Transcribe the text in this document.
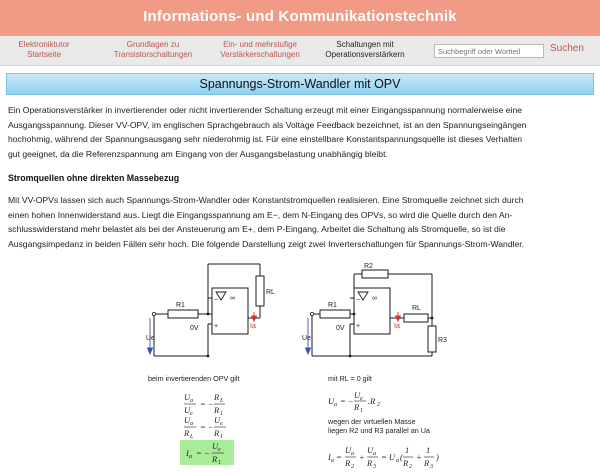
Informations- und Kommunikationstechnik
Elektroniktutor
Startseite
Grundlagen zu
Transistorschaltungen
Ein- und mehrstufige
Verstärkerschaltungen
Schaltungen mit
Operationsverstärkern
Suchbegriff oder Wortteil
Suchen
Spannungs-Strom-Wandler mit OPV
Ein Operationsverstärker in invertierender oder nicht invertierender Schaltung erzeugt mit einer Eingangsspannung normalerweise eine
Ausgangsspannung. Dieser VV-OPV, im englischen Sprachgebrauch als Voltage Feedback bezeichnet, ist an den Spannungseingängen
hochohmig, während der Spannungsausgang sehr niederohmig ist. Für eine einstellbare Konstantspannungsquelle ist dieses Verhalten
gut geeignet, da die Referenzspannung am Eingang von der Ausgangsbelastung unabhängig bleibt.
Stromquellen ohne direkten Massebezug
Mit VV-OPVs lassen sich auch Spannungs-Strom-Wandler oder Konstantstromquellen realisieren. Eine Stromquelle zeichnet sich durch
einen hohen Innenwiderstand aus. Liegt die Eingangsspannung am E−, dem N-Eingang des OPVs, so wird die Quelle durch den An-
schlusswiderstand mehr belastet als bei der Ansteuerung am E+, dem P-Eingang. Arbeitet die Schaltung als Stromquelle, so ist die
Ausgangsimpedanz in beiden Fällen sehr hoch. Die folgende Darstellung zeigt zwei Inverterschaltungen für Spannungs-Strom-Wandler.
∞	∞
−
+
−
+
R1
RL
Ue
0V	Ia
R1
R2
RL
R3
Ue
0V	Ia
beim invertierenden OPV gilt	mit RL = 0 gilt
wegen der virtuellen Masse
liegen R2 und R3 parallel an Ua
U a
U e
= −
R L
R 1
U a
R L
= −
U e
R 1
I a = −
U e
R 1
U a = −
U e
R 1
.R 2
I a =
U a
R 2
+
U a
R 3
= U a (
1
R 2
+
1
R 3
)
